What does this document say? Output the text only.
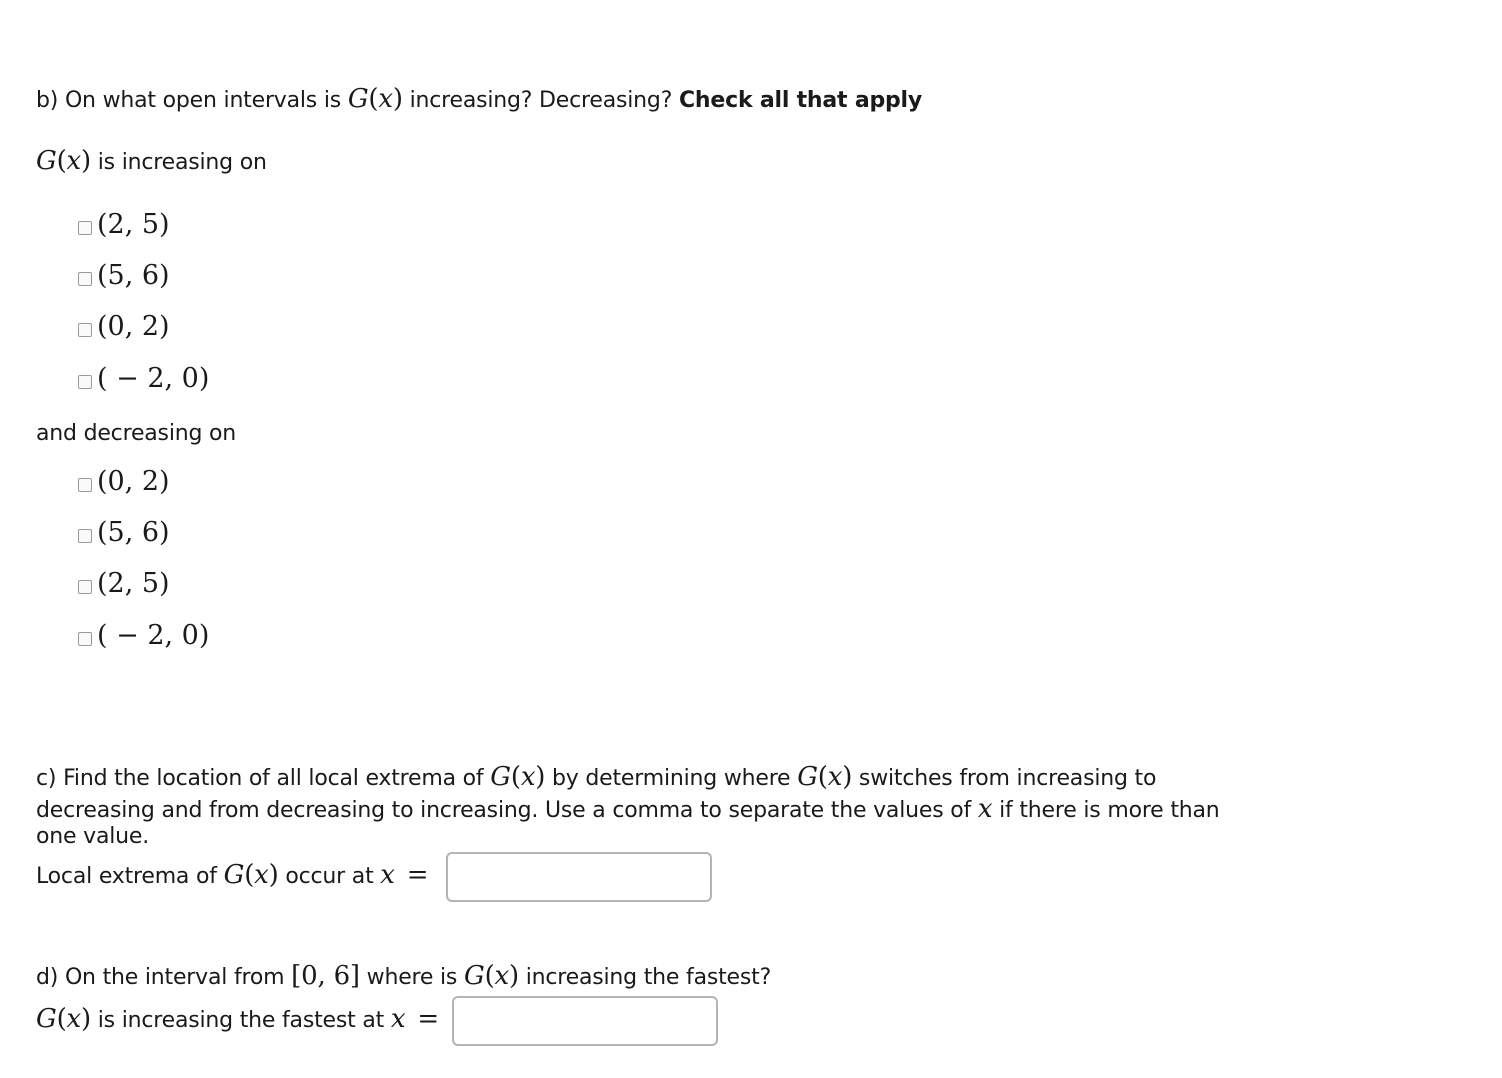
b) On what open intervals is G(x) increasing? Decreasing? Check all that apply
G(x) is increasing on
(2, 5)
(5, 6)
(0, 2)
( − 2, 0)
and decreasing on
(0, 2)
(5, 6)
(2, 5)
( − 2, 0)
c) Find the location of all local extrema of G(x) by determining where G(x) switches from increasing to
decreasing and from decreasing to increasing. Use a comma to separate the values of x if there is more than
one value.
Local extrema of G(x) occur at x =
d) On the interval from [0, 6] where is G(x) increasing the fastest?
G(x) is increasing the fastest at x =
